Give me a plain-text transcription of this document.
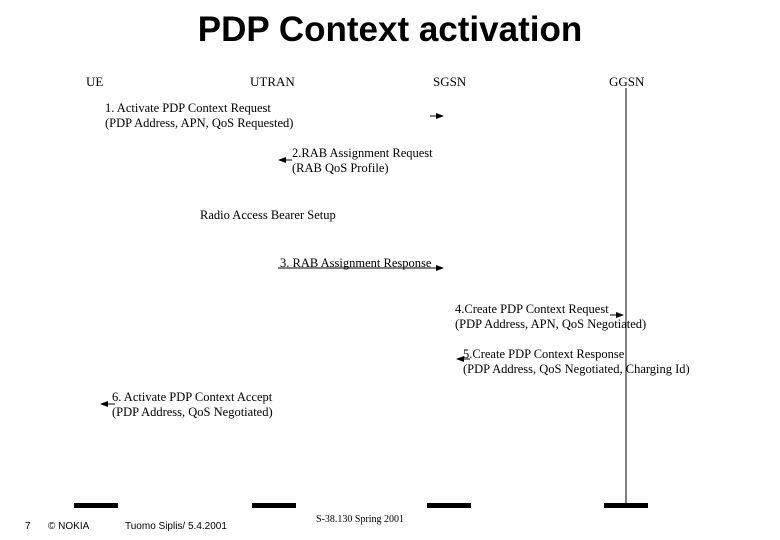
PDP Context activation
UE	UTRAN	SGSN	GGSN
1. Activate PDP Context Request
(PDP Address, APN, QoS Requested)
2.RAB Assignment Request
(RAB QoS Profile)
Radio Access Bearer Setup
3. RAB Assignment Response
4.Create PDP Context Request
(PDP Address, APN, QoS Negotiated)
5.Create PDP Context Response
(PDP Address, QoS Negotiated, Charging Id)
6. Activate PDP Context Accept
(PDP Address, QoS Negotiated)
7 © NOKIA	Tuomo Siplis/ 5.4.2001
S-38.130 Spring 2001
